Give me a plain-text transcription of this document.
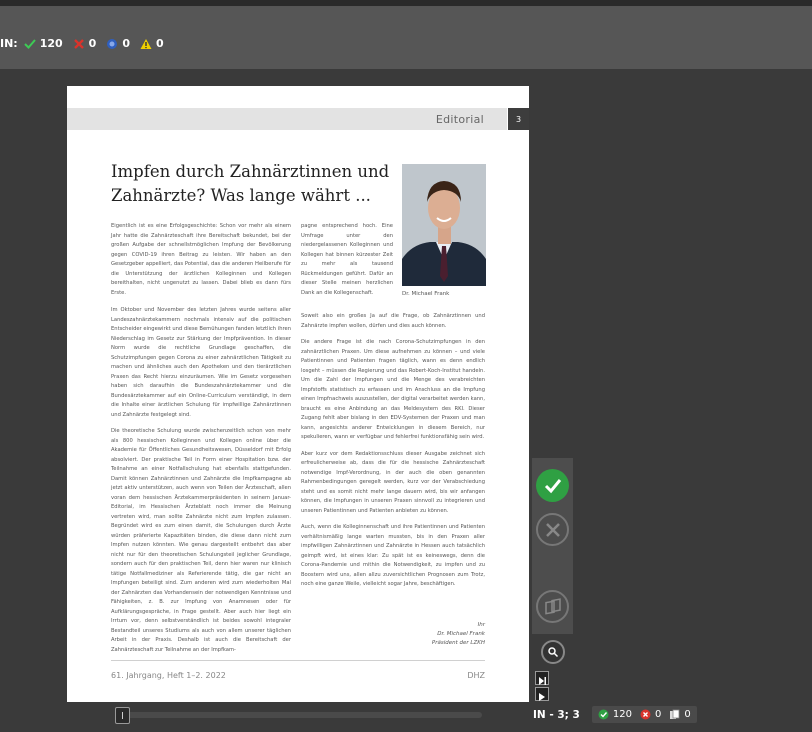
IN: 120 0 0 0
Editorial	3
Impfen durch Zahnärztinnen und Zahnärzte? Was lange währt ...
Dr. Michael Frank

Eigentlich ist es eine Erfolgsgeschichte: Schon vor mehr als einem Jahr hatte die Zahnärzteschaft ihre Bereitschaft bekundet, bei der großen Aufgabe der schnellstmöglichen Impfung der Bevölkerung gegen COVID-19 ihren Beitrag zu leisten. Wir haben an den Gesetzgeber appelliert, das Potential, das die anderen Heilberufe für die Unterstützung der ärztlichen Kolleginnen und Kollegen bereithalten, nicht ungenutzt zu lassen. Dabei blieb es dann fürs Erste.

Im Oktober und November des letzten Jahres wurde seitens aller Landeszahnärztekammern nochmals intensiv auf die politischen Entscheider eingewirkt und diese Bemühungen fanden letztlich ihren Niederschlag im Gesetz zur Stärkung der Impfprävention. In dieser Norm wurde die rechtliche Grundlage geschaffen, die Schutzimpfungen gegen Corona zu einer zahnärztlichen Tätigkeit zu machen und ähnliches auch den Apotheken und den tierärztlichen Praxen das Recht hierzu einzuräumen. Wie im Gesetz vorgesehen haben sich daraufhin die Bundeszahnärztekammer und die Bundesärztekammer auf ein Online-Curriculum verständigt, in dem die Inhalte einer ärztlichen Schulung für impfwillige Zahnärztinnen und Zahnärzte festgelegt sind.

Die theoretische Schulung wurde zwischenzeitlich schon von mehr als 800 hessischen Kolleginnen und Kollegen online über die Akademie für Öffentliches Gesundheitswesen, Düsseldorf mit Erfolg absolviert. Der praktische Teil in Form einer Hospitation bzw. der Teilnahme an einer Notfallschulung hat ebenfalls stattgefunden. Damit können Zahnärztinnen und Zahnärzte die Impfkampagne ab jetzt aktiv unterstützen, auch wenn von Teilen der Ärzteschaft, allen voran dem hessischen Ärztekammerpräsidenten in seinem Januar-Editorial, im Hessischen Ärzteblatt noch immer die Meinung vertreten wird, man sollte Zahnärzte nicht zum Impfen zulassen. Begründet wird es zum einen damit, die Schulungen durch Ärzte würden präferierte Kapazitäten binden, die diese dann nicht zum Impfen nutzen könnten. Wie genau dargestellt entbehrt das aber nicht nur für den theoretischen Schulungsteil jeglicher Grundlage, sondern auch für den praktischen Teil, denn hier waren nur klinisch tätige Notfallmediziner als Referierende tätig, die gar nicht an Impfungen beteiligt sind. Zum anderen wird zum wiederholten Mal der Zahnärzten das Vorhandensein der notwendigen Kenntnisse und Fähigkeiten, z. B. zur Impfung von Anamnesen oder für Aufklärungsgespräche, in Frage gestellt. Aber auch hier liegt ein Irrtum vor, denn selbstverständlich ist beides sowohl integraler Bestandteil unseres Studiums als auch von allem unserer täglichen Arbeit in der Praxis. Deshalb ist auch die Bereitschaft der Zahnärzteschaft zur Teilnahme an der Impfkam-

pagne entsprechend hoch. Eine Umfrage unter den niedergelassenen Kolleginnen und Kollegen hat binnen kürzester Zeit zu mehr als tausend Rückmeldungen geführt. Dafür an dieser Stelle meinen herzlichen Dank an die Kollegenschaft.

Soweit also ein großes Ja auf die Frage, ob Zahnärztinnen und Zahnärzte impfen wollen, dürfen und dies auch können.

Die andere Frage ist die nach Corona-Schutzimpfungen in den zahnärztlichen Praxen. Um diese aufnehmen zu können – und viele Patientinnen und Patienten fragen täglich, wann es denn endlich losgeht – müssen die Regierung und das Robert-Koch-Institut handeln. Um die Zahl der Impfungen und die Menge des verabreichten Impfstoffs statistisch zu erfassen und im Anschluss an die Impfung einen Impfnachweis auszustellen, der digital verarbeitet werden kann, braucht es eine Anbindung an das Meldesystem des RKI. Dieser Zugang fehlt aber bislang in den EDV-Systemen der Praxen und man kann, angesichts anderer Entwicklungen in diesem Bereich, nur spekulieren, wann er verfügbar und fehlerfrei funktionsfähig sein wird.

Aber kurz vor dem Redaktionsschluss dieser Ausgabe zeichnet sich erfreulicherweise ab, dass die für die hessische Zahnärzteschaft notwendige Impf-Verordnung, in der auch die oben genannten Rahmenbedingungen geregelt werden, kurz vor der Verabschiedung steht und es somit nicht mehr lange dauern wird, bis wir anfangen können, die Impfungen in unseren Praxen sinnvoll zu integrieren und unseren Patientinnen und Patienten anbieten zu können.

Auch, wenn die Kolleginnenschaft und ihre Patientinnen und Patienten verhältnismäßig lange warten mussten, bis in den Praxen aller impfwilligen Zahnärztinnen und Zahnärzte in Hessen auch tatsächlich geimpft wird, ist eines klar: Zu spät ist es keineswegs, denn die Corona-Pandemie und mithin die Notwendigkeit, zu impfen und zu Boostern wird uns, allen allzu zuversichtlichen Prognosen zum Trotz, noch eine ganze Weile, vielleicht sogar Jahre, beschäftigen.

Ihr
Dr. Michael Frank
Präsident der LZKH
61. Jahrgang, Heft 1–2. 2022	DHZ
IN - 3; 3	120 0 0
